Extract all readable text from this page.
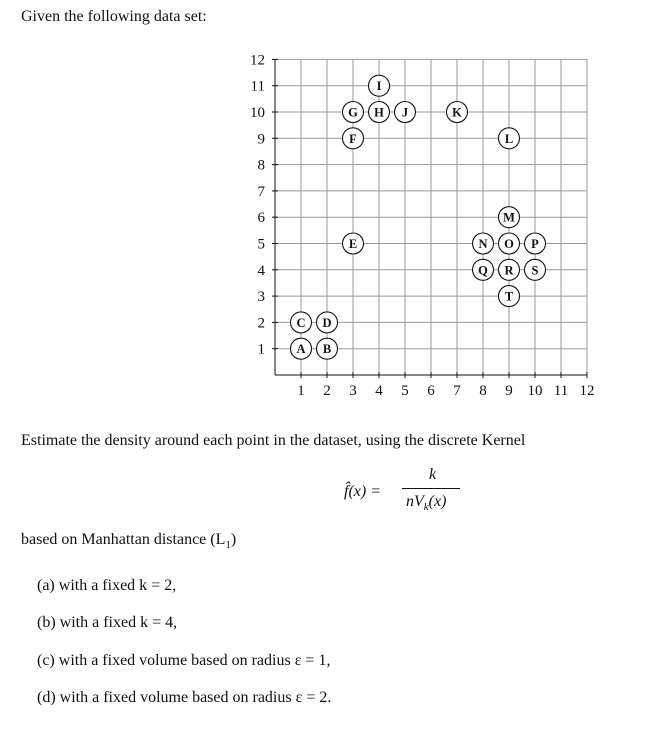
Given the following data set:
1 2 3 4 5 6 7 8 9 10 11 12
1
2
3
4
5
6
7
8
9
10
11
12
A B
C D
E
F
G H
I
J	K
L
M
N O P
Q R S
T
Estimate the density around each point in the dataset, using the discrete Kernel
f̂(x) =
k
$nV_k(x)$
based on Manhattan distance $(L_1)$
(a) with a fixed k = 2,
(b) with a fixed k = 4,
(c) with a fixed volume based on radius ε = 1,
(d) with a fixed volume based on radius ε = 2.
